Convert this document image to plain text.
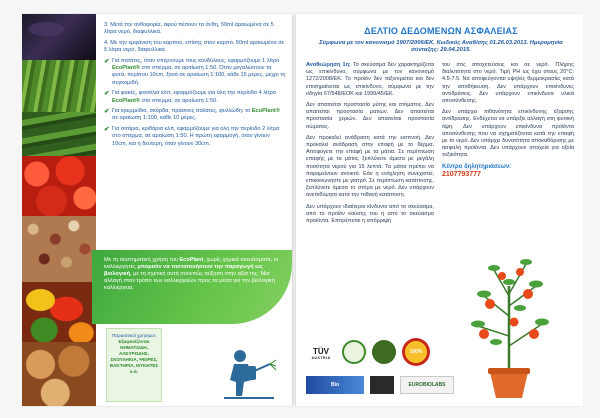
3. Μετά την ανθοφορία, αφού πέσουν τα άνθη, 50ml αραιωμένα σε 5 λίτρα νερό, διαφυλλικά.

4. Με την εμφάνιση του καρπού, επίσης στον καρπό, 50ml αραιωμένα σε 5 λίτρα νερό, διαφυλλικά.

✔ Για πατάτες, όταν σπέρνουμε τους κονδύλους, εφαρμόζουμε 1 λίτρο EcoPlant® στο σπέρμα, σε αραίωση 1:50. Όταν μεγαλώσουν τα φυτά, περίπου 10cm, ξανά σε αραίωση 1:100, κάθε 15 μέρες, μέχρι τη συγκομιδή.

✔ Για φακές, φασόλια κλπ, εφαρμόζουμε για όλη την περίοδο 4 λίτρα EcoPlant® στο σπέρμα, σε αραίωση 1:50.

✔ Για κρεμμύδια, σκόρδα, πράσινες σαλάτες, φυλλώδη: το EcoPlant® σε αραίωση 1:100, κάθε 10 μέρες.

✔ Για σιτάρια, κριθάρια κλπ, εφαρμόζουμε για όλη την περίοδο 2 λίτρα στο σπέρμα, σε αραίωση 1:50. Η πρώτη εφαρμογή, όταν γίνουν 10cm, και η δεύτερη, όταν γίνουν 30cm.

Με τη συστηματική χρήση του EcoPlant, χωρίς χημικά σκευάσματα, οι καλλιεργητές μπορούν να πιστοποιήσουν την παραγωγή ως βιολογική, με τη σχετική αυτή συνεπώς αύξηση στην αξία της. Μια αλλαγή στον τρόπο των καλλιεργειών προς τα μέσα για την βιολογική καλλιέργεια.
Παρασιτικοί χρησιμοι:
Εξαφανίζονται ΝΗΜΑΤΩΔΗ, ΑΛΕΥΡΩΔΗΣ, ΣΚΟΥΛΗΚΙΑ, ΨΕΙΡΕΣ, ΒΑΚΤΗΡΙΑ, ΜΥΚΗΤΕΣ κ.ά.
ΔΕΛΤΙΟ ΔΕΔΟΜΕΝΩΝ ΑΣΦΑΛΕΙΑΣ
Σύμφωνα με τον κανονισμό 1907/2006/ΕΚ, Κωδικός Αναθ/σης 01.26.03.2013. Ημερομηνία σύνταξης: 29.04.2015.

Αναθεώρηση 1η: Το σκεύασμα δεν χαρακτηρίζεται ως επικίνδυνο, σύμφωνα με τον κανονισμό 1272/2008/ΕΚ. Το προϊόν δεν ταξινομείται και δεν επισημαίνεται ως επικίνδυνο, σύμφωνα με την οδηγία 67/548/ΕΟΚ και 1999/45/ΕΚ.

Δεν απαιτείται προστασία μύτης και στόματος. Δεν απαιτείται προστασία ματιών. Δεν απαιτείται προστασία χεριών. Δεν απαιτείται προστασία σώματος.

Δεν προκαλεί ανάδραση κατά την εισπνοή. Δεν προκαλεί ανάδραση στην επαφή με το δέρμα. Αποφύγετε την επαφή με τα μάτια. Σε περίπτωση επαφής με τα μάτια, ξεπλύνετε άμεσα με μεγάλη ποσότητα νερού για 15 λεπτά. Τα μάτια πρέπει να παραμείνουν ανοικτά. Εάν η ενόχληση συνεχιστεί, επικοινωνήστε με γιατρό. Σε περίπτωση κατάποσης, ξεπλύνετε άμεσα το στόμα με νερό. Δεν υπάρχουν ανεπιθύμητα κατά την πιθανή κατάποση.

Δεν υπάρχουν ιδιαίτεροι κίνδυνοι από το σκεύασμα, από το προϊόν καύσης του ή από το σκεύασμα προϊόντα. Επιτρέπεται η απόρριψη

του στις αποχετεύσεις και σε νερό. Πλήρης διαλυτότητα στο νερό. Τιμή PH ως έχει στους 20°C: 4.5-7.5. Να αποφεύγονται υψηλές θερμοκρασίες κατά την αποθήκευση. Δεν υπάρχουν επικίνδυνες αντιδράσεις. Δεν υπάρχουν επικίνδυνα υλικά αποσύνθεσης.

Δεν υπάρχει πιθανότητα επικίνδυνης έξαρσης αντίδρασης. Ενδέχεται να υπάρξει αλλαγή στη φυσική όψη. Δεν υπάρχουν επικίνδυνα προϊόντα αποσύνθεσης που να σχηματίζονται κατά την επαφή με το νερό. Δεν υπάρχει δυνατότητα αποκαθόρισης με ασφαλή προϊόντα. Δεν υπάρχουν στοιχεία για οξεία τοξικότητα.

Κέντρο δηλητηριάσεων:
2107793777
TÜV
AUSTRIA
100%
Bio	EUROBIOLABS
